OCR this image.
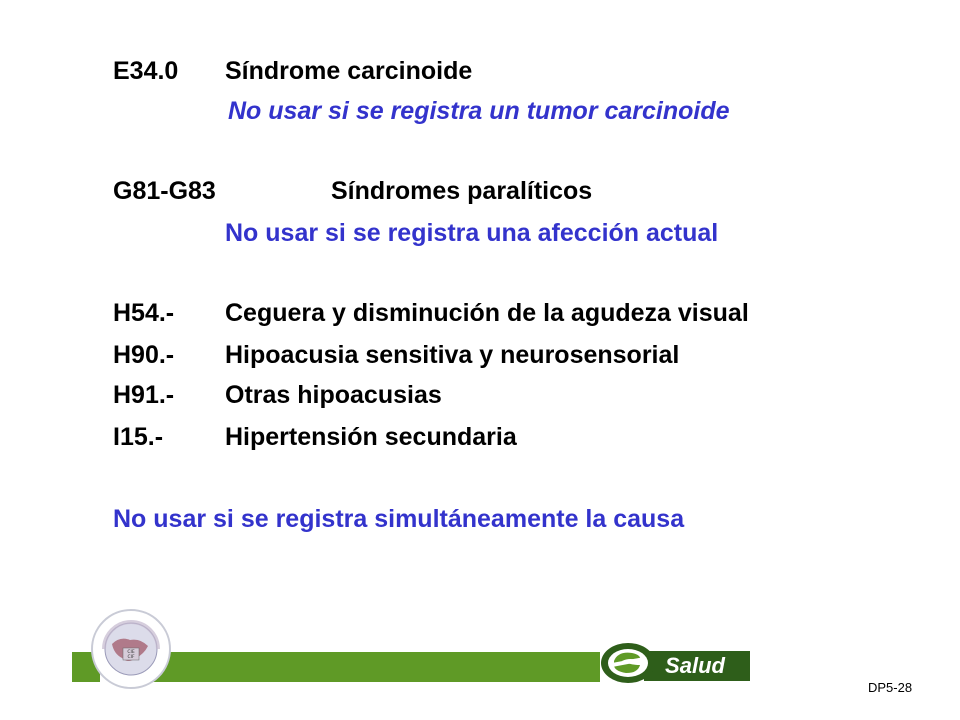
E34.0 Síndrome carcinoide
No usar si se registra un tumor carcinoide
G81-G83	Síndromes paralíticos
No usar si se registra una afección actual
H54.- Ceguera y disminución de la agudeza visual
H90.- Hipoacusia sensitiva y neurosensorial
H91.- Otras hipoacusias
I15.- Hipertensión secundaria
No usar si se registra simultáneamente la causa
CIE
CIF	Salud
DP5-28
